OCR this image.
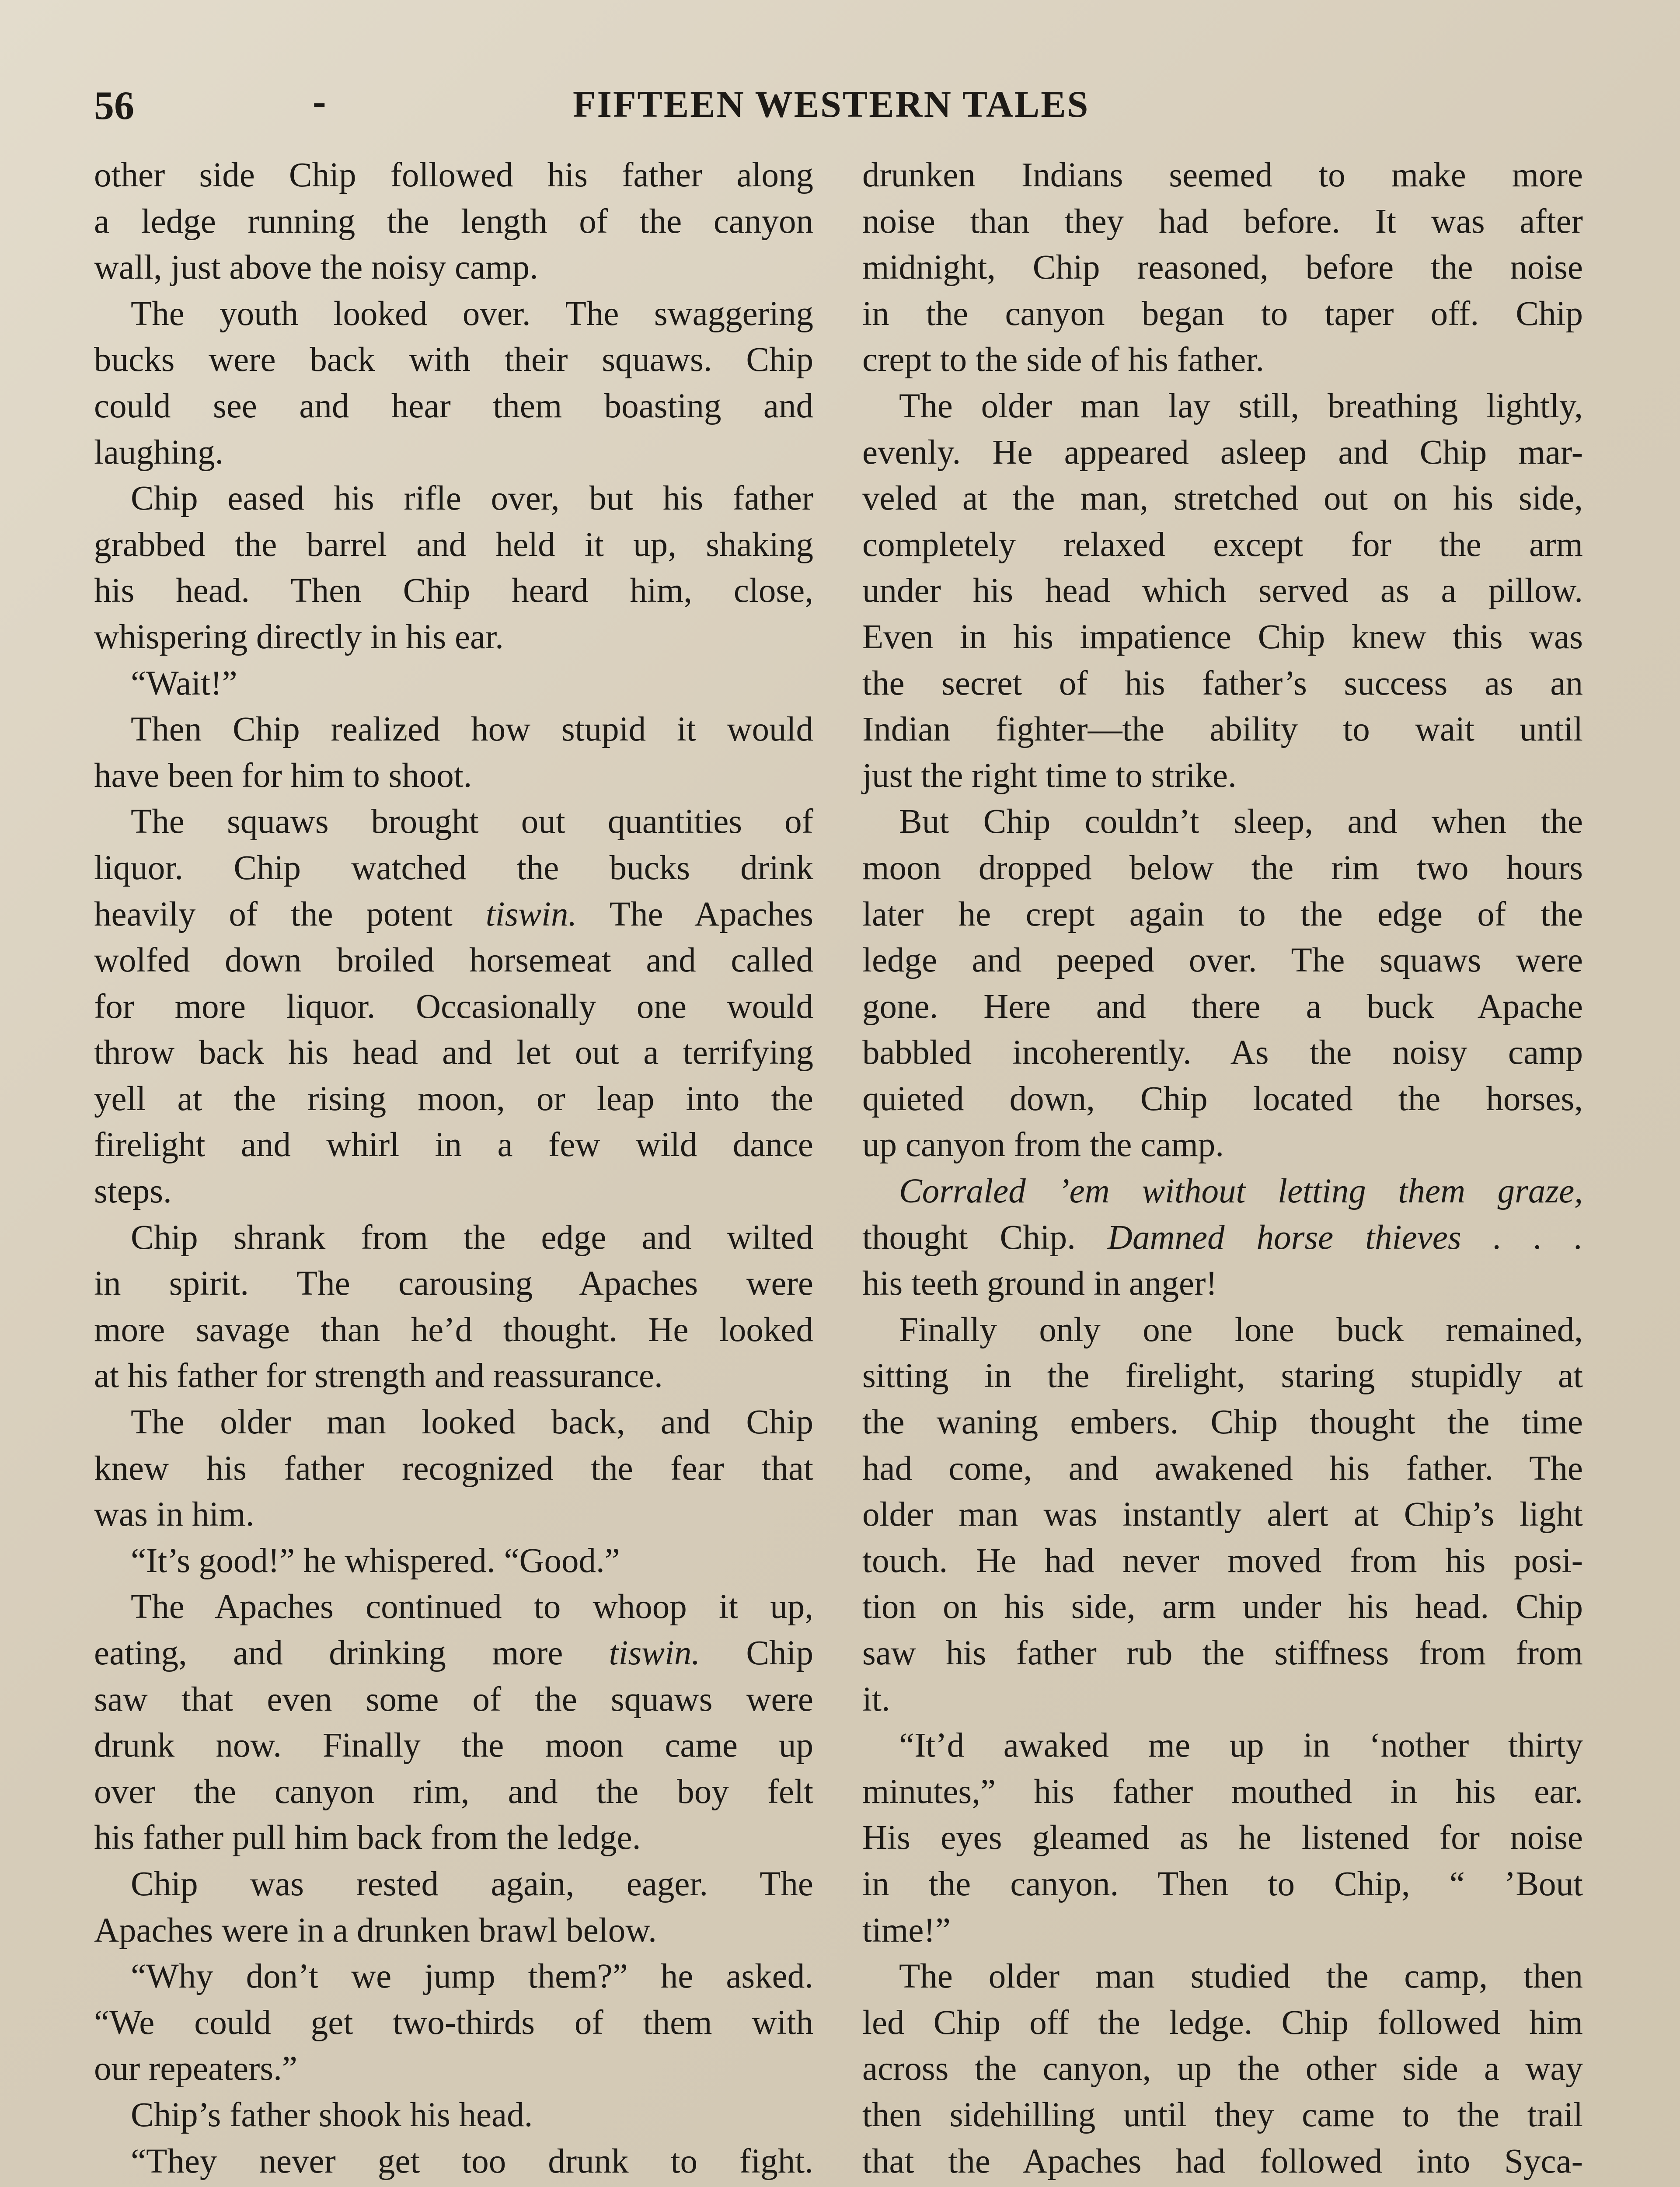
56	-	FIFTEEN WESTERN TALES
other side Chip followed his father along
a ledge running the length of the canyon
wall, just above the noisy camp.
The youth looked over. The swaggering
bucks were back with their squaws. Chip
could see and hear them boasting and
laughing.
Chip eased his rifle over, but his father
grabbed the barrel and held it up, shaking
his head. Then Chip heard him, close,
whispering directly in his ear.
“Wait!”
Then Chip realized how stupid it would
have been for him to shoot.
The squaws brought out quantities of
liquor. Chip watched the bucks drink
heavily of the potent tiswin. The Apaches
wolfed down broiled horsemeat and called
for more liquor. Occasionally one would
throw back his head and let out a terrifying
yell at the rising moon, or leap into the
firelight and whirl in a few wild dance
steps.
Chip shrank from the edge and wilted
in spirit. The carousing Apaches were
more savage than he’d thought. He looked
at his father for strength and reassurance.
The older man looked back, and Chip
knew his father recognized the fear that
was in him.
“It’s good!” he whispered. “Good.”
The Apaches continued to whoop it up,
eating, and drinking more tiswin. Chip
saw that even some of the squaws were
drunk now. Finally the moon came up
over the canyon rim, and the boy felt
his father pull him back from the ledge.
Chip was rested again, eager. The
Apaches were in a drunken brawl below.
“Why don’t we jump them?” he asked.
“We could get two-thirds of them with
our repeaters.”
Chip’s father shook his head.
“They never get too drunk to fight.
drunken Indians seemed to make more
noise than they had before. It was after
midnight, Chip reasoned, before the noise
in the canyon began to taper off. Chip
crept to the side of his father.
The older man lay still, breathing lightly,
evenly. He appeared asleep and Chip mar-
veled at the man, stretched out on his side,
completely relaxed except for the arm
under his head which served as a pillow.
Even in his impatience Chip knew this was
the secret of his father’s success as an
Indian fighter—the ability to wait until
just the right time to strike.
But Chip couldn’t sleep, and when the
moon dropped below the rim two hours
later he crept again to the edge of the
ledge and peeped over. The squaws were
gone. Here and there a buck Apache
babbled incoherently. As the noisy camp
quieted down, Chip located the horses,
up canyon from the camp.
Corraled ’em without letting them graze,
thought Chip. Damned horse thieves . . .
his teeth ground in anger!
Finally only one lone buck remained,
sitting in the firelight, staring stupidly at
the waning embers. Chip thought the time
had come, and awakened his father. The
older man was instantly alert at Chip’s light
touch. He had never moved from his posi-
tion on his side, arm under his head. Chip
saw his father rub the stiffness from from
it.
“It’d awaked me up in ‘nother thirty
minutes,” his father mouthed in his ear.
His eyes gleamed as he listened for noise
in the canyon. Then to Chip, “ ’Bout
time!”
The older man studied the camp, then
led Chip off the ledge. Chip followed him
across the canyon, up the other side a way
then sidehilling until they came to the trail
that the Apaches had followed into Syca-
